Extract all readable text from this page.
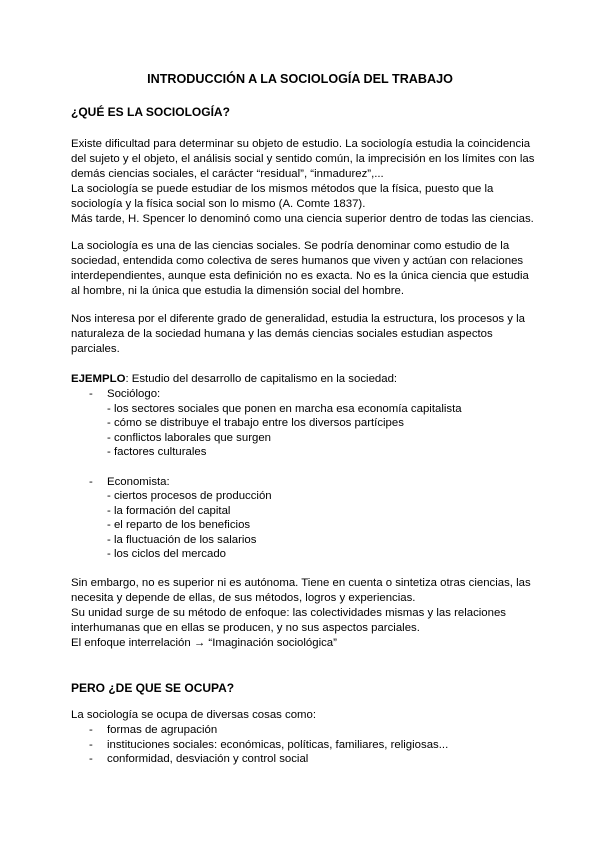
INTRODUCCIÓN A LA SOCIOLOGÍA DEL TRABAJO
¿QUÉ ES LA SOCIOLOGÍA?
Existe dificultad para determinar su objeto de estudio. La sociología estudia la coincidencia
del sujeto y el objeto, el análisis social y sentido común, la imprecisión en los límites con las
demás ciencias sociales, el carácter “residual”, “inmadurez”,...
La sociología se puede estudiar de los mismos métodos que la física, puesto que la
sociología y la física social son lo mismo (A. Comte 1837).
Más tarde, H. Spencer lo denominó como una ciencia superior dentro de todas las ciencias.
La sociología es una de las ciencias sociales. Se podría denominar como estudio de la
sociedad, entendida como colectiva de seres humanos que viven y actúan con relaciones
interdependientes, aunque esta definición no es exacta. No es la única ciencia que estudia
al hombre, ni la única que estudia la dimensión social del hombre.
Nos interesa por el diferente grado de generalidad, estudia la estructura, los procesos y la
naturaleza de la sociedad humana y las demás ciencias sociales estudian aspectos
parciales.
EJEMPLO: Estudio del desarrollo de capitalismo en la sociedad:
- Sociólogo:
- los sectores sociales que ponen en marcha esa economía capitalista
- cómo se distribuye el trabajo entre los diversos partícipes
- conflictos laborales que surgen
- factores culturales
- Economista:
- ciertos procesos de producción
- la formación del capital
- el reparto de los beneficios
- la fluctuación de los salarios
- los ciclos del mercado
Sin embargo, no es superior ni es autónoma. Tiene en cuenta o sintetiza otras ciencias, las
necesita y depende de ellas, de sus métodos, logros y experiencias.
Su unidad surge de su método de enfoque: las colectividades mismas y las relaciones
interhumanas que en ellas se producen, y no sus aspectos parciales.
El enfoque interrelación → “Imaginación sociológica”
PERO ¿DE QUE SE OCUPA?
La sociología se ocupa de diversas cosas como:
- formas de agrupación
- instituciones sociales: económicas, políticas, familiares, religiosas...
- conformidad, desviación y control social
